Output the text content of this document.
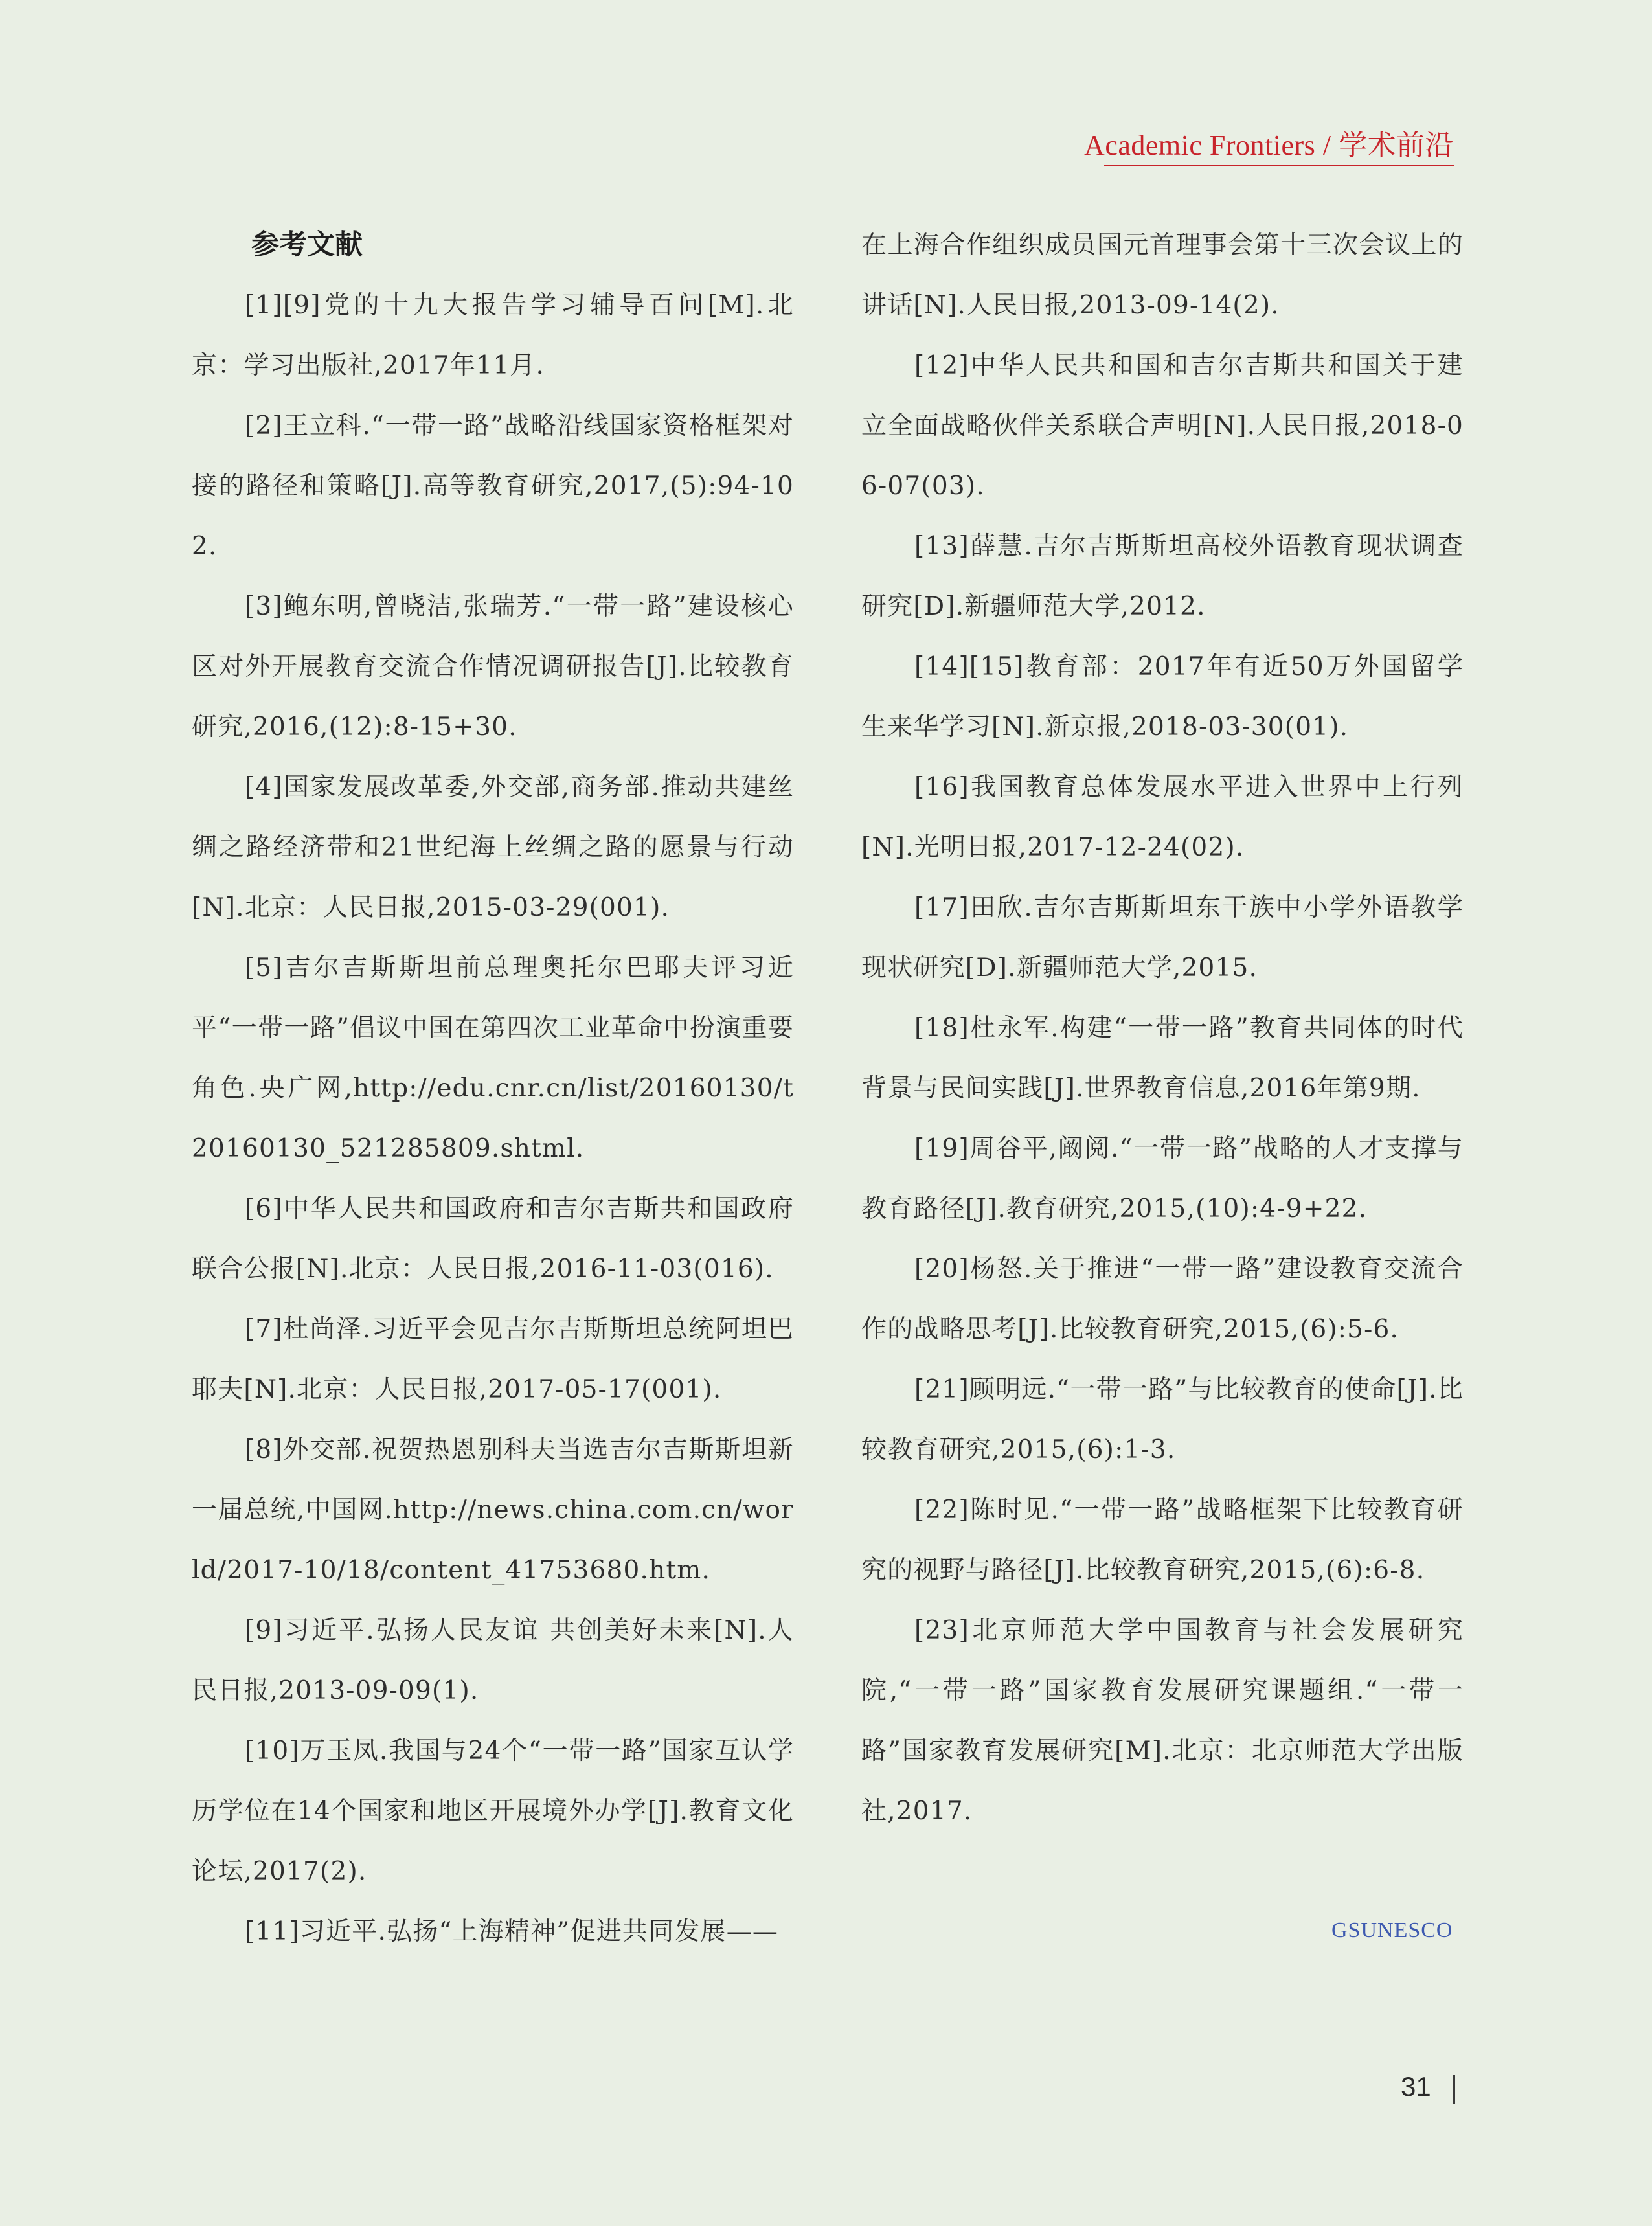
Academic Frontiers / 学术前沿
参考文献

[1][9]党的十九大报告学习辅导百问[M].北京：学习出版社,2017年11月.

[2]王立科.“一带一路”战略沿线国家资格框架对接的路径和策略[J].高等教育研究,2017,(5):94-102.

[3]鲍东明,曾晓洁,张瑞芳.“一带一路”建设核心区对外开展教育交流合作情况调研报告[J].比较教育研究,2016,(12):8-15+30.

[4]国家发展改革委,外交部,商务部.推动共建丝绸之路经济带和21世纪海上丝绸之路的愿景与行动[N].北京：人民日报,2015-03-29(001).

[5]吉尔吉斯斯坦前总理奥托尔巴耶夫评习近平“一带一路”倡议中国在第四次工业革命中扮演重要角色.央广网,http://edu.cnr.cn/list/20160130/t20160130_521285809.shtml.

[6]中华人民共和国政府和吉尔吉斯共和国政府联合公报[N].北京：人民日报,2016-11-03(016).

[7]杜尚泽.习近平会见吉尔吉斯斯坦总统阿坦巴耶夫[N].北京：人民日报,2017-05-17(001).

[8]外交部.祝贺热恩别科夫当选吉尔吉斯斯坦新一届总统,中国网.http://news.china.com.cn/world/2017-10/18/content_41753680.htm.

[9]习近平.弘扬人民友谊 共创美好未来[N].人民日报,2013-09-09(1).

[10]万玉凤.我国与24个“一带一路”国家互认学历学位在14个国家和地区开展境外办学[J].教育文化论坛,2017(2).

[11]习近平.弘扬“上海精神”促进共同发展——

在上海合作组织成员国元首理事会第十三次会议上的讲话[N].人民日报,2013-09-14(2).

[12]中华人民共和国和吉尔吉斯共和国关于建立全面战略伙伴关系联合声明[N].人民日报,2018-06-07(03).

[13]薛慧.吉尔吉斯斯坦高校外语教育现状调查研究[D].新疆师范大学,2012.

[14][15]教育部：2017年有近50万外国留学生来华学习[N].新京报,2018-03-30(01).

[16]我国教育总体发展水平进入世界中上行列[N].光明日报,2017-12-24(02).

[17]田欣.吉尔吉斯斯坦东干族中小学外语教学现状研究[D].新疆师范大学,2015.

[18]杜永军.构建“一带一路”教育共同体的时代背景与民间实践[J].世界教育信息,2016年第9期.

[19]周谷平,阚阅.“一带一路”战略的人才支撑与教育路径[J].教育研究,2015,(10):4-9+22.

[20]杨怒.关于推进“一带一路”建设教育交流合作的战略思考[J].比较教育研究,2015,(6):5-6.

[21]顾明远.“一带一路”与比较教育的使命[J].比较教育研究,2015,(6):1-3.

[22]陈时见.“一带一路”战略框架下比较教育研究的视野与路径[J].比较教育研究,2015,(6):6-8.

[23]北京师范大学中国教育与社会发展研究院,“一带一路”国家教育发展研究课题组.“一带一路”国家教育发展研究[M].北京：北京师范大学出版社,2017.

GSUNESCO
31
